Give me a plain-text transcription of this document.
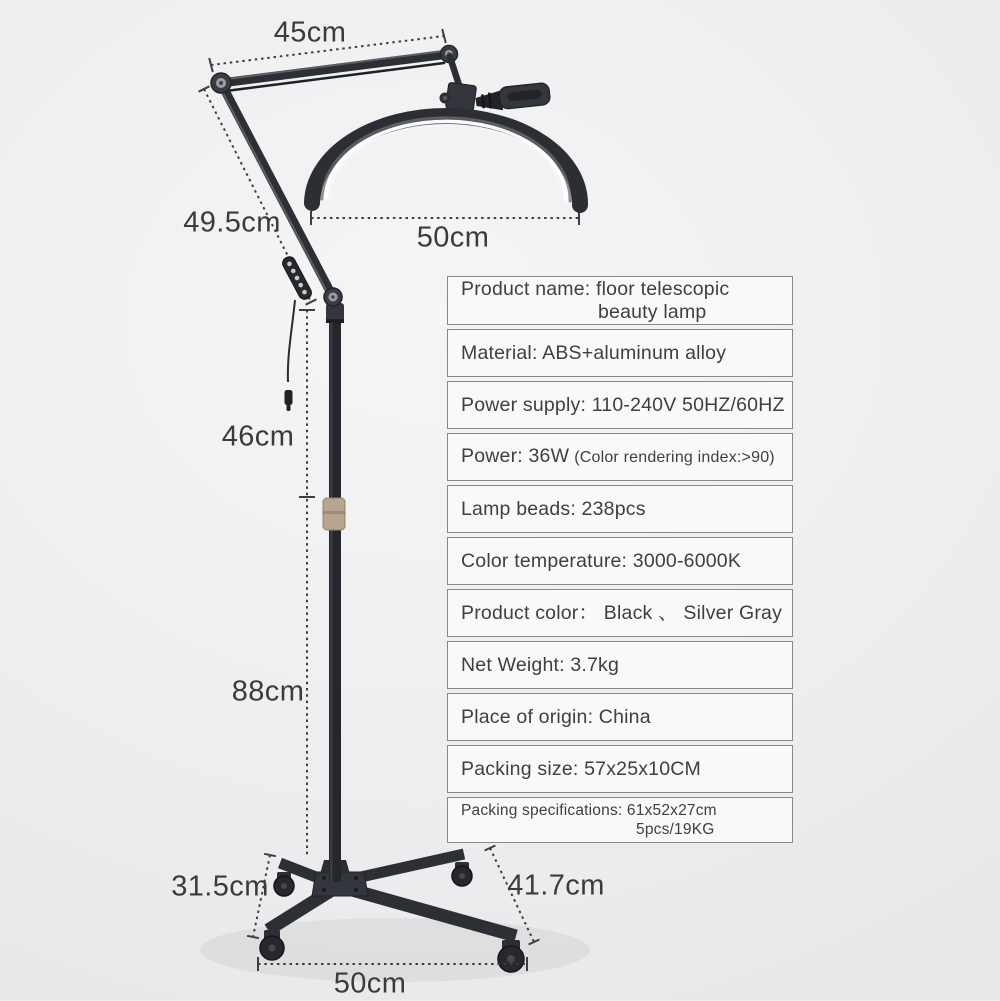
45cm
49.5cm	50cm
46cm
88cm
31.5cm	41.7cm
50cm
Product name: floor telescopic
beauty lamp
Material: ABS+aluminum alloy
Power supply: 110-240V 50HZ/60HZ
Power: 36W (Color rendering index:>90)
Lamp beads: 238pcs
Color temperature: 3000-6000K
Product color： Black 、 Silver Gray
Net Weight: 3.7kg
Place of origin: China
Packing size: 57x25x10CM
Packing specifications: 61x52x27cm
5pcs/19KG
